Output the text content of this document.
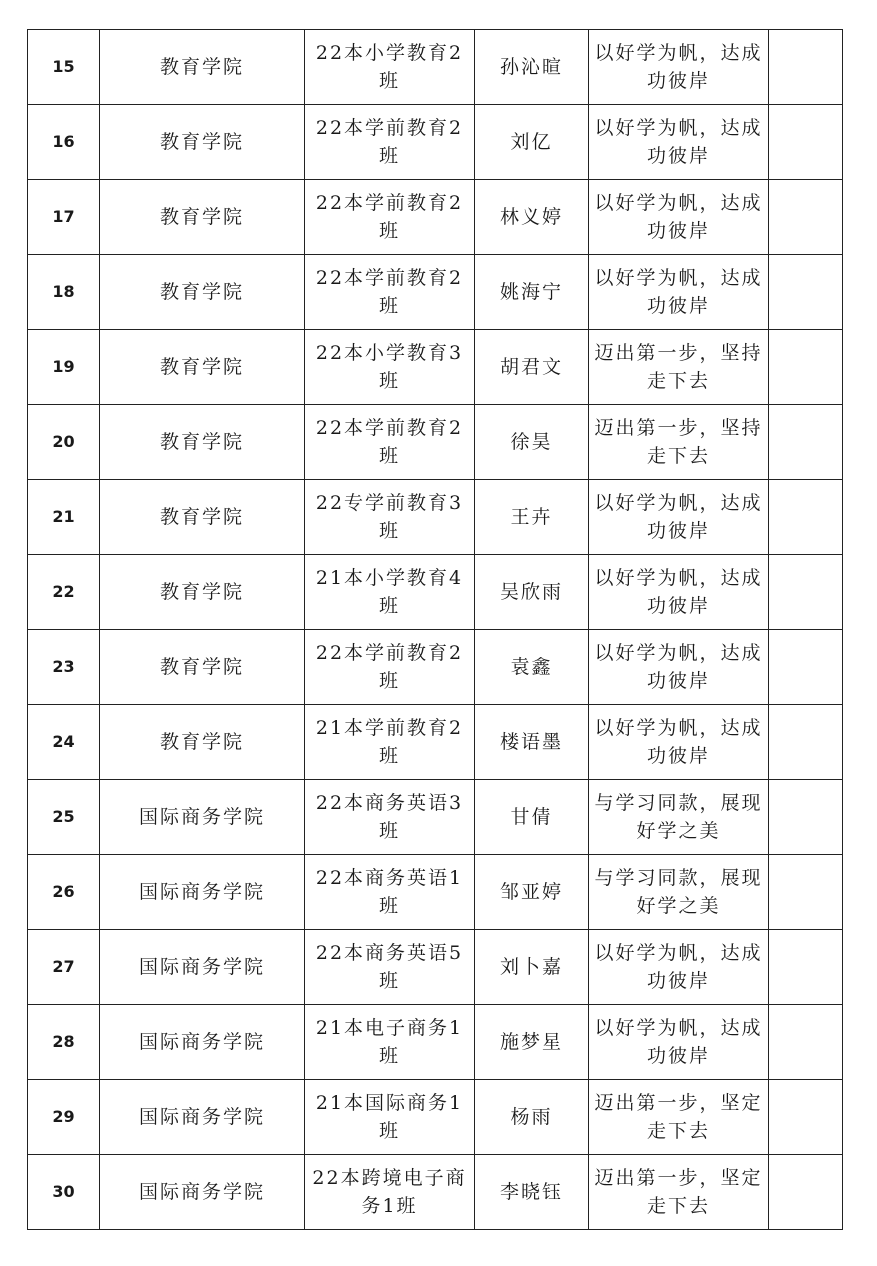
15	教育学院	22本小学教育2班	孙沁暄	以好学为帆，达成功彼岸	
16	教育学院	22本学前教育2班	刘亿	以好学为帆，达成功彼岸	
17	教育学院	22本学前教育2班	林义婷	以好学为帆，达成功彼岸	
18	教育学院	22本学前教育2班	姚海宁	以好学为帆，达成功彼岸	
19	教育学院	22本小学教育3班	胡君文	迈出第一步，坚持走下去	
20	教育学院	22本学前教育2班	徐昊	迈出第一步，坚持走下去	
21	教育学院	22专学前教育3班	王卉	以好学为帆，达成功彼岸	
22	教育学院	21本小学教育4班	吴欣雨	以好学为帆，达成功彼岸	
23	教育学院	22本学前教育2班	袁鑫	以好学为帆，达成功彼岸	
24	教育学院	21本学前教育2班	楼语墨	以好学为帆，达成功彼岸	
25	国际商务学院	22本商务英语3班	甘倩	与学习同款，展现好学之美	
26	国际商务学院	22本商务英语1班	邹亚婷	与学习同款，展现好学之美	
27	国际商务学院	22本商务英语5班	刘卜嘉	以好学为帆，达成功彼岸	
28	国际商务学院	21本电子商务1班	施梦星	以好学为帆，达成功彼岸	
29	国际商务学院	21本国际商务1班	杨雨	迈出第一步，坚定走下去	
30	国际商务学院	22本跨境电子商务1班	李晓钰	迈出第一步，坚定走下去	
